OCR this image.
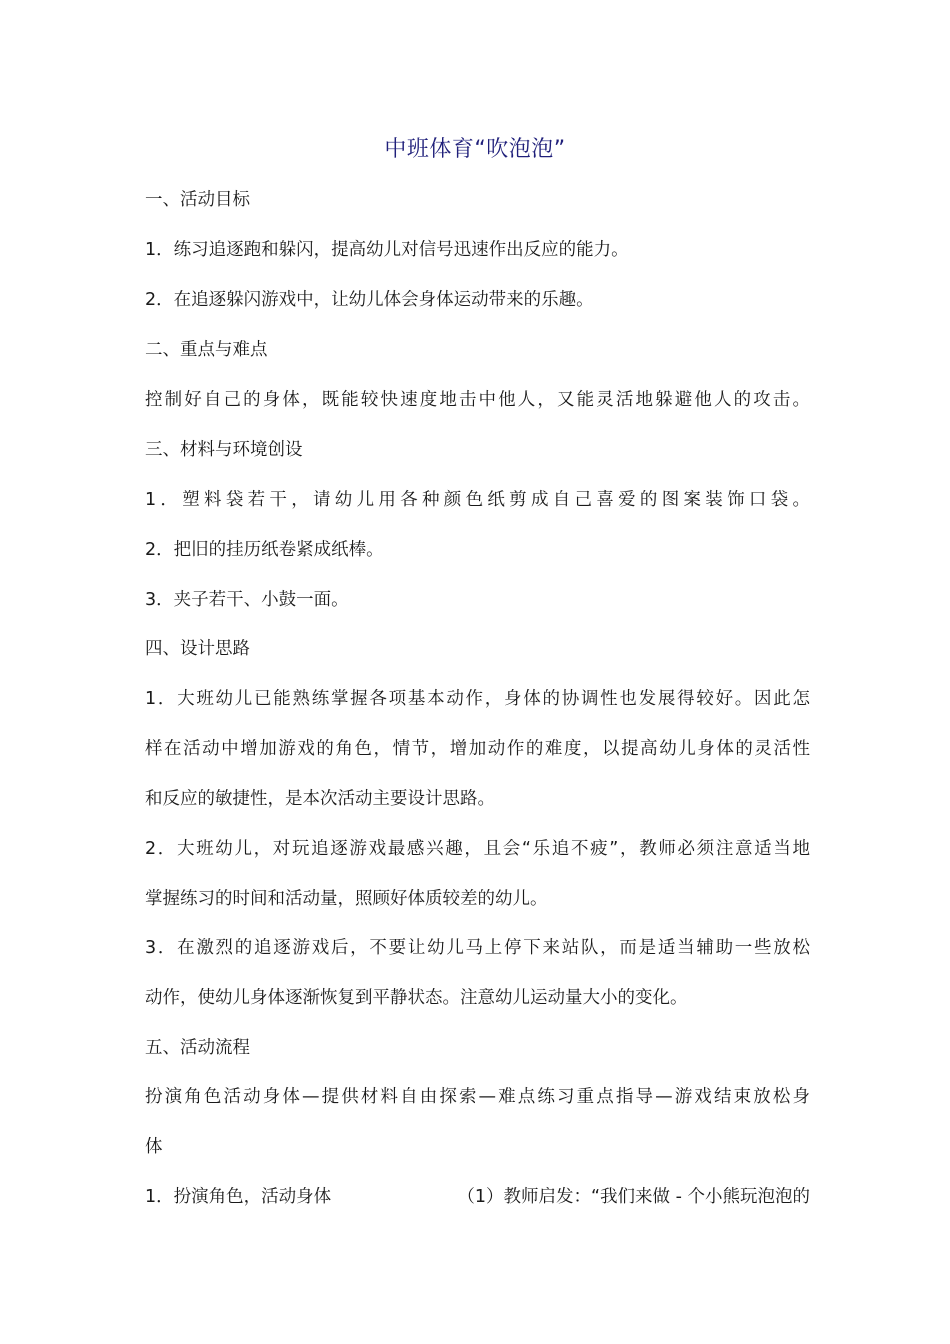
中班体育“吹泡泡”
一、活动目标
1．练习追逐跑和躲闪，提高幼儿对信号迅速作出反应的能力。
2．在追逐躲闪游戏中，让幼儿体会身体运动带来的乐趣。
二、重点与难点
控制好自己的身体，既能较快速度地击中他人，又能灵活地躲避他人的攻击。
三、材料与环境创设
1．塑料袋若干，请幼儿用各种颜色纸剪成自己喜爱的图案装饰口袋。
2．把旧的挂历纸卷紧成纸棒。
3．夹子若干、小鼓一面。
四、设计思路
1．大班幼儿已能熟练掌握各项基本动作，身体的协调性也发展得较好。因此怎
样在活动中增加游戏的角色，情节，增加动作的难度，以提高幼儿身体的灵活性
和反应的敏捷性，是本次活动主要设计思路。
2．大班幼儿，对玩追逐游戏最感兴趣，且会“乐追不疲”，教师必须注意适当地
掌握练习的时间和活动量，照顾好体质较差的幼儿。
3．在激烈的追逐游戏后，不要让幼儿马上停下来站队，而是适当辅助一些放松
动作，使幼儿身体逐渐恢复到平静状态。注意幼儿运动量大小的变化。
五、活动流程
扮演角色活动身体—提供材料自由探索—难点练习重点指导—游戏结束放松身
体
1．扮演角色，活动身体	（1）教师启发：“我们来做 - 个小熊玩泡泡的
